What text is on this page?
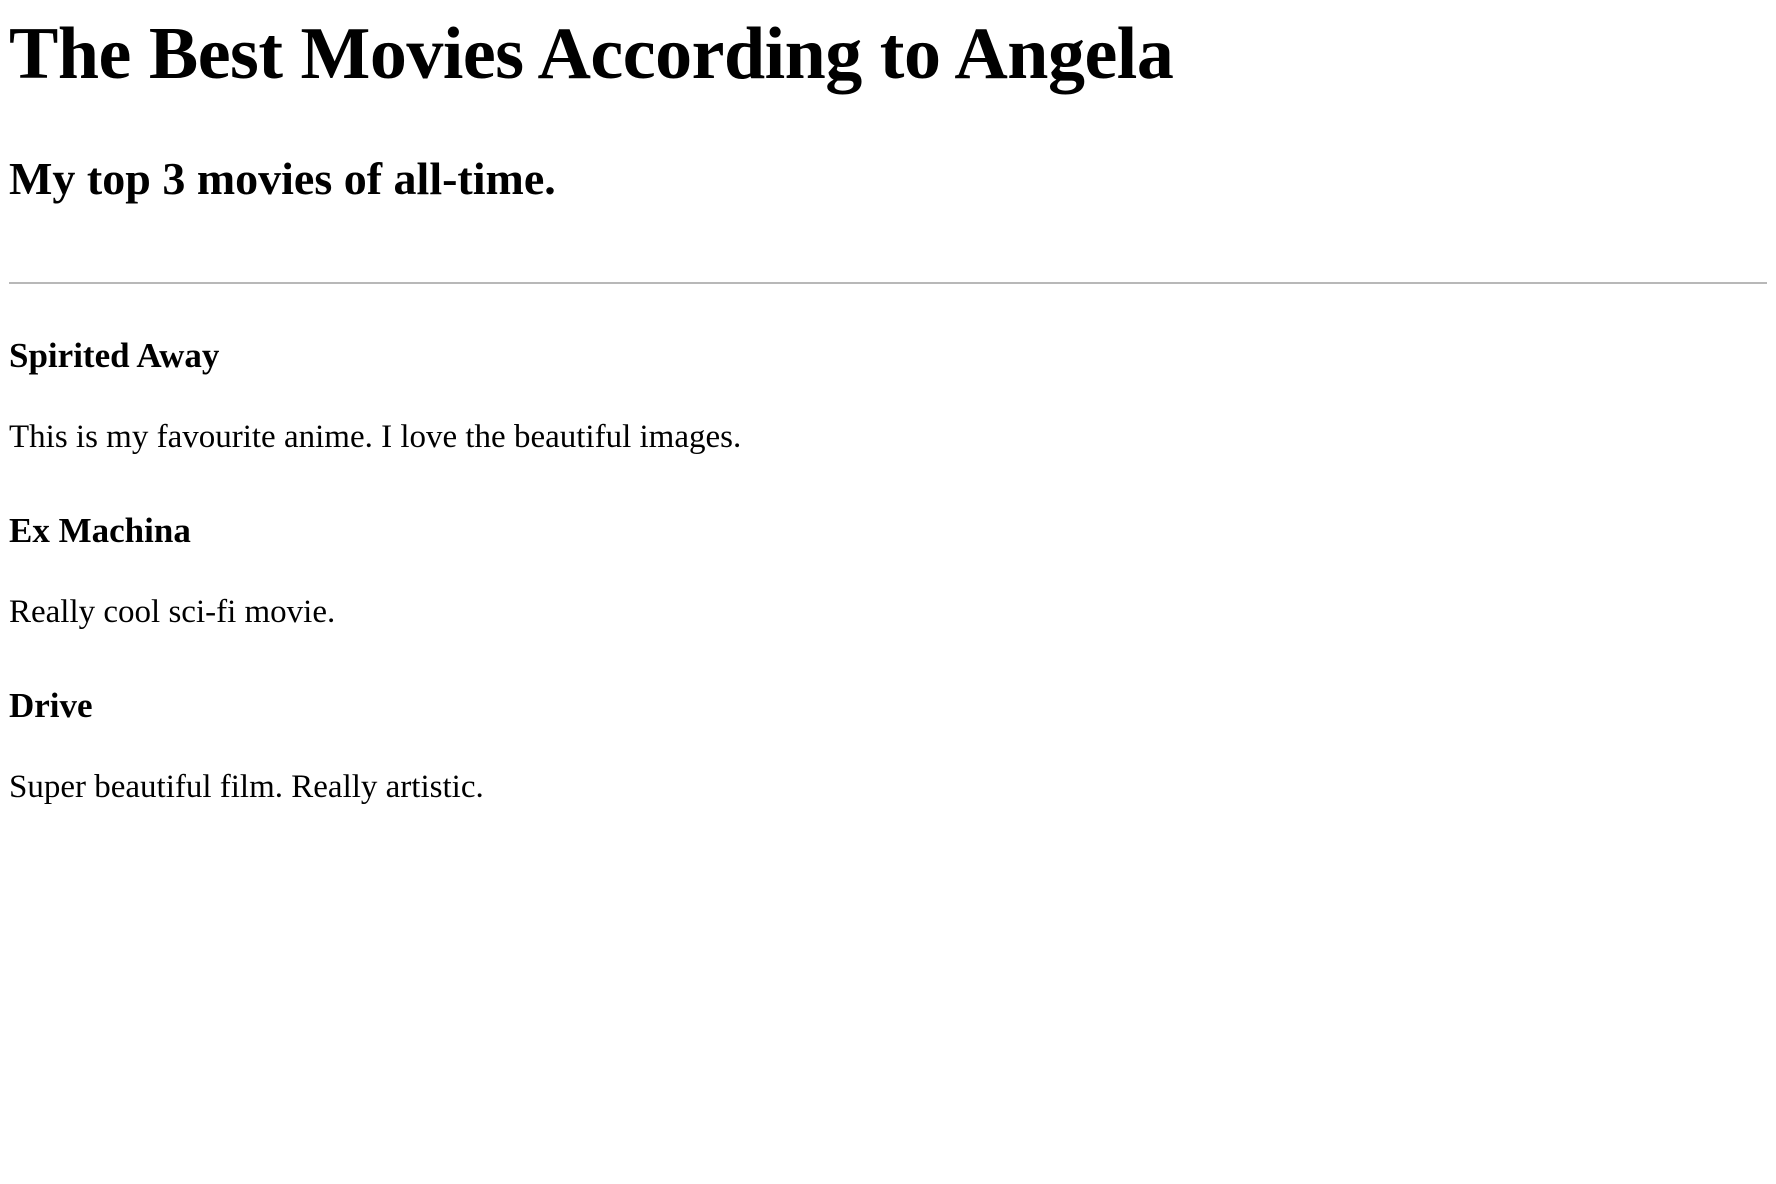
The Best Movies According to Angela
My top 3 movies of all-time.
Spirited Away

This is my favourite anime. I love the beautiful images.

Ex Machina

Really cool sci-fi movie.

Drive

Super beautiful film. Really artistic.
